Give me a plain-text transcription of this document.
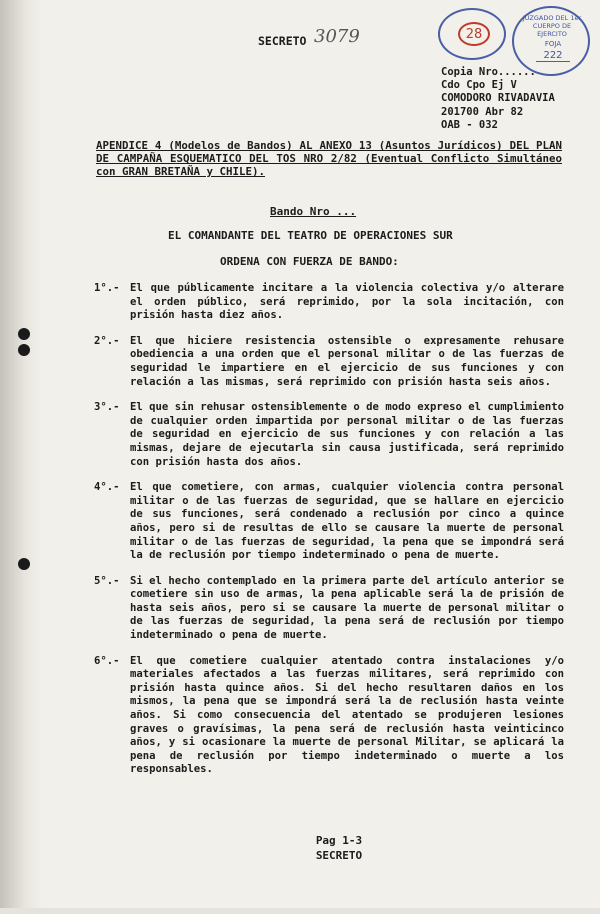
28
JUZGADO DEL 1er CUERPO DE EJERCITO
FOJA
222
SECRETO 3079
Copia Nro......
Cdo Cpo Ej V
COMODORO RIVADAVIA
201700 Abr 82
OAB - 032
APENDICE 4 (Modelos de Bandos) AL ANEXO 13 (Asuntos Jurídicos) DEL PLAN DE CAMPAÑA ESQUEMATICO DEL TOS NRO 2/82 (Eventual Conflicto Simultáneo con GRAN BRETAÑA y CHILE).
Bando Nro ...
EL COMANDANTE DEL TEATRO DE OPERACIONES SUR
ORDENA CON FUERZA DE BANDO:
1°.- El que públicamente incitare a la violencia colectiva y/o alterare el orden público, será reprimido, por la sola incitación, con prisión hasta diez años.
2°.- El que hiciere resistencia ostensible o expresamente rehusare obediencia a una orden que el personal militar o de las fuerzas de seguridad le impartiere en el ejercicio de sus funciones y con relación a las mismas, será reprimido con prisión hasta seis años.
3°.- El que sin rehusar ostensiblemente o de modo expreso el cumplimiento de cualquier orden impartida por personal militar o de las fuerzas de seguridad en ejercicio de sus funciones y con relación a las mismas, dejare de ejecutarla sin causa justificada, será reprimido con prisión hasta dos años.
4°.- El que cometiere, con armas, cualquier violencia contra personal militar o de las fuerzas de seguridad, que se hallare en ejercicio de sus funciones, será condenado a reclusión por cinco a quince años, pero si de resultas de ello se causare la muerte de personal militar o de las fuerzas de seguridad, la pena que se impondrá será la de reclusión por tiempo indeterminado o pena de muerte.
5°.- Si el hecho contemplado en la primera parte del artículo anterior se cometiere sin uso de armas, la pena aplicable será la de prisión de hasta seis años, pero si se causare la muerte de personal militar o de las fuerzas de seguridad, la pena será de reclusión por tiempo indeterminado o pena de muerte.
6°.- El que cometiere cualquier atentado contra instalaciones y/o materiales afectados a las fuerzas militares, será reprimido con prisión hasta quince años. Si del hecho resultaren daños en los mismos, la pena que se impondrá será la de reclusión hasta veinte años. Si como consecuencia del atentado se produjeren lesiones graves o gravísimas, la pena será de reclusión hasta veinticinco años, y si ocasionare la muerte de personal Militar, se aplicará la pena de reclusión por tiempo indeterminado o muerte a los responsables.
Pag 1-3
SECRETO
